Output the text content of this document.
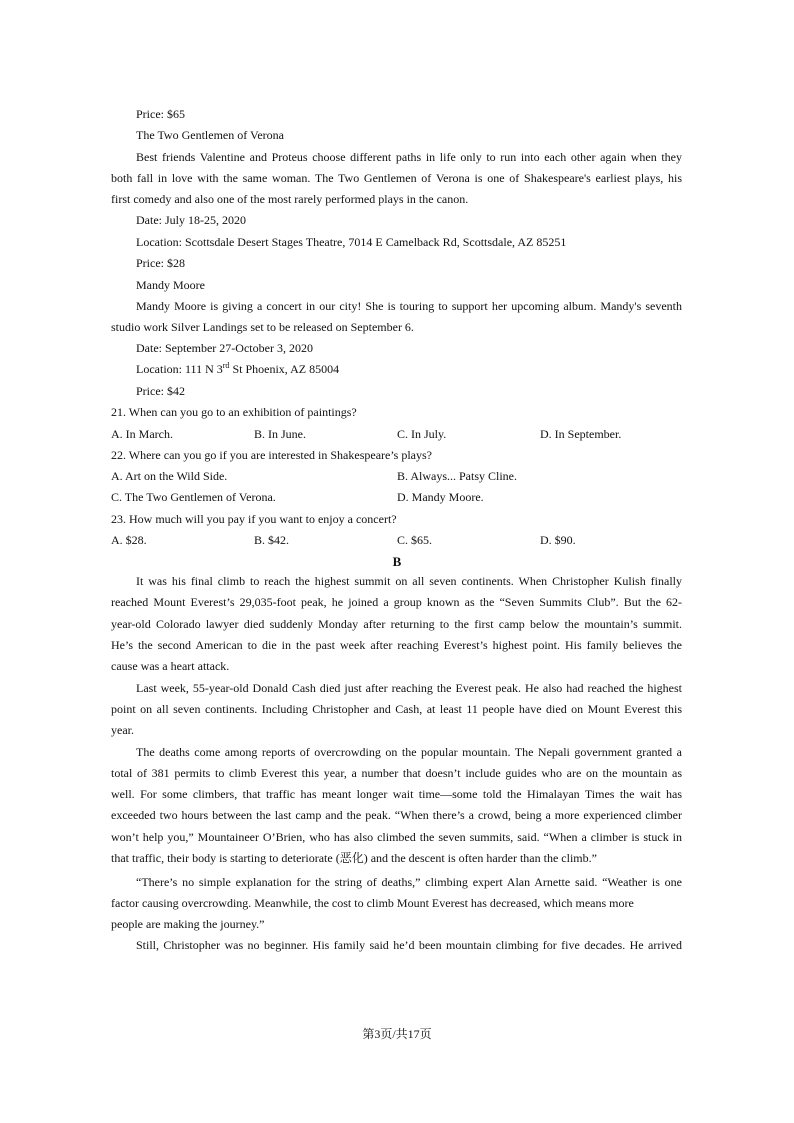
Price: $65
The Two Gentlemen of Verona
Best friends Valentine and Proteus choose different paths in life only to run into each other again when they
both fall in love with the same woman. The Two Gentlemen of Verona is one of Shakespeare's earliest plays, his
first comedy and also one of the most rarely performed plays in the canon.
Date: July 18-25, 2020
Location: Scottsdale Desert Stages Theatre, 7014 E Camelback Rd, Scottsdale, AZ 85251
Price: $28
Mandy Moore
Mandy Moore is giving a concert in our city! She is touring to support her upcoming album. Mandy's seventh
studio work Silver Landings set to be released on September 6.
Date: September 27-October 3, 2020
Location: 111 N 3rd St Phoenix, AZ 85004
Price: $42
21. When can you go to an exhibition of paintings?
A. In March.	B. In June.	C. In July.	D. In September.
22. Where can you go if you are interested in Shakespeare’s plays?
A. Art on the Wild Side.	B. Always... Patsy Cline.
C. The Two Gentlemen of Verona.	D. Mandy Moore.
23. How much will you pay if you want to enjoy a concert?
A. $28.	B. $42.	C. $65.	D. $90.
B
It was his final climb to reach the highest summit on all seven continents. When Christopher Kulish finally
reached Mount Everest’s 29,035-foot peak, he joined a group known as the “Seven Summits Club”. But the 62-
year-old Colorado lawyer died suddenly Monday after returning to the first camp below the mountain’s summit.
He’s the second American to die in the past week after reaching Everest’s highest point. His family believes the
cause was a heart attack.
Last week, 55-year-old Donald Cash died just after reaching the Everest peak. He also had reached the highest
point on all seven continents. Including Christopher and Cash, at least 11 people have died on Mount Everest this
year.
The deaths come among reports of overcrowding on the popular mountain. The Nepali government granted a
total of 381 permits to climb Everest this year, a number that doesn’t include guides who are on the mountain as
well. For some climbers, that traffic has meant longer wait time—some told the Himalayan Times the wait has
exceeded two hours between the last camp and the peak. “When there’s a crowd, being a more experienced climber
won’t help you,” Mountaineer O’Brien, who has also climbed the seven summits, said. “When a climber is stuck in
that traffic, their body is starting to deteriorate (恶化) and the descent is often harder than the climb.”
“There’s no simple explanation for the string of deaths,” climbing expert Alan Arnette said. “Weather is one
factor causing overcrowding. Meanwhile, the cost to climb Mount Everest has decreased, which means more
people are making the journey.”
Still, Christopher was no beginner. His family said he’d been mountain climbing for five decades. He arrived
第3页/共17页
